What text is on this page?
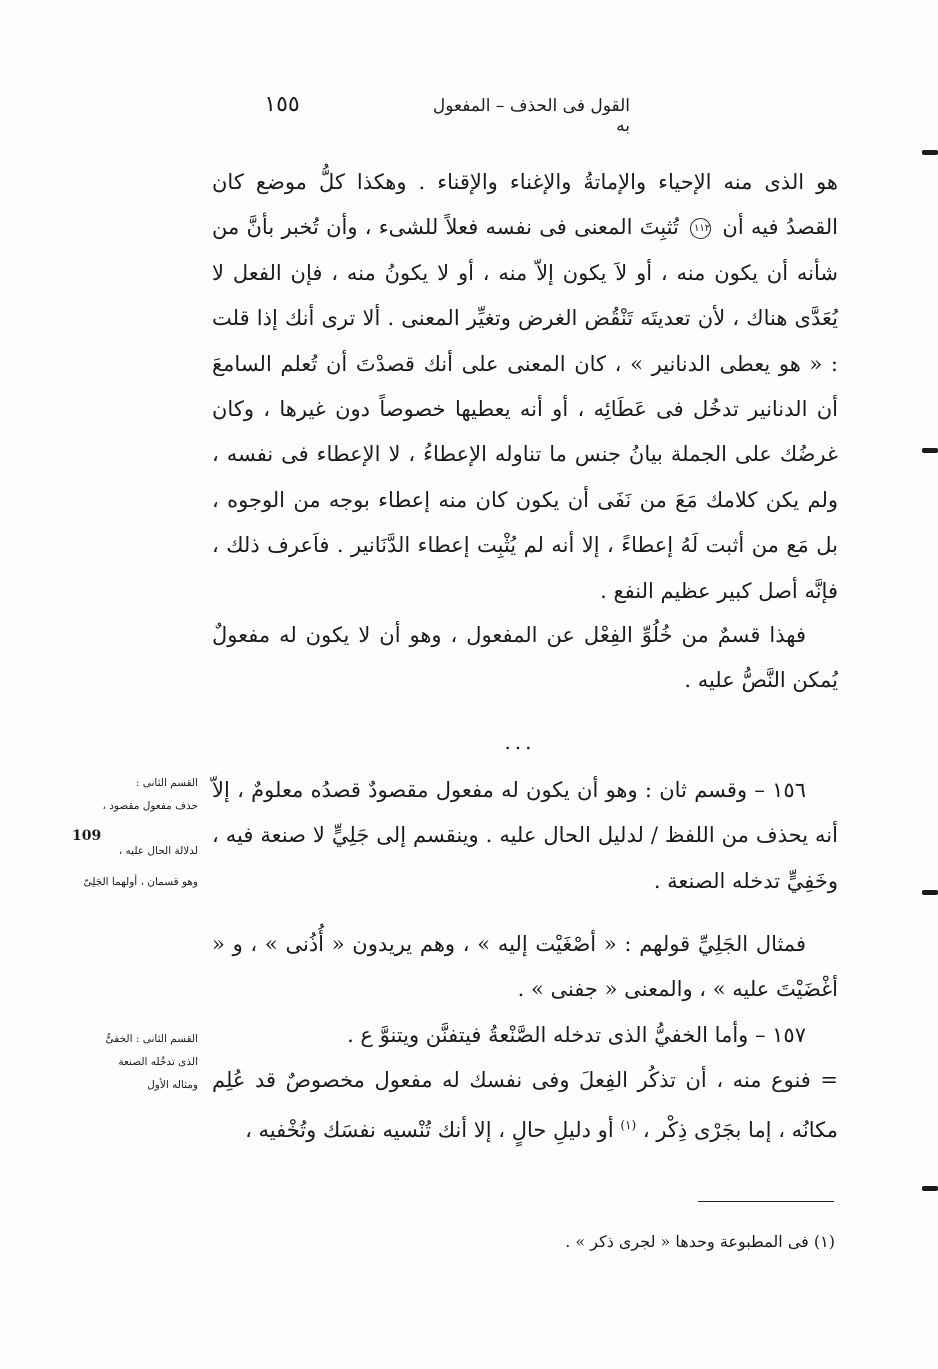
القول فى الحذف – المفعول به
١٥٥

هو الذى منه الإحياء والإماتةُ والإغناء والإقناء . وهكذا كلُّ موضع كان القصدُ فيه أن ١١٢ تُثبِتَ المعنى فى نفسه فعلاً للشىء ، وأن تُخبر بأنَّ من شأنه أن يكون منه ، أو لاَ يكون إلاّ منه ، أو لا يكونُ منه ، فإن الفعل لا يُعَدَّى هناك ، لأن تعديتَه تَنْقُض الغرض وتغيِّر المعنى . ألا ترى أنك إذا قلت : « هو يعطى الدنانير » ، كان المعنى على أنك قصدْتَ أن تُعلم السامعَ أن الدنانير تدخُل فى عَطَائِه ، أو أنه يعطيها خصوصاً دون غيرها ، وكان غرضُك على الجملة بيانُ جنس ما تناوله الإعطاءُ ، لا الإعطاء فى نفسه ، ولم يكن كلامك مَعَ من نَفَى أن يكون كان منه إعطاء بوجه من الوجوه ، بل مَع من أثبت لَهُ إعطاءً ، إلا أنه لم يُثْبِت إعطاء الدَّنَانير . فاَعرف ذلك ، فإنَّه أصل كبير عظيم النفع .

فهذا قسمٌ من خُلُوِّ الفِعْل عن المفعول ، وهو أن لا يكون له مفعولٌ يُمكن النَّصُّ عليه .

...

١٥٦ – وقسم ثان : وهو أن يكون له مفعول مقصودٌ قصدُه معلومٌ ، إلاّ أنه يحذف من اللفظ / لدليل الحال عليه . وينقسم إلى جَلِيٍّ لا صنعة فيه ، وخَفِيٍّ تدخله الصنعة .

فمثال الجَلِيِّ قولهم : « أصْغَيْت إليه » ، وهم يريدون « أُذُنى » ، و « أغْضَيْتَ عليه » ، والمعنى « جفنى » .

١٥٧ – وأما الخفيُّ الذى تدخله الصَّنْعةُ فيتفنَّن ويتنوَّ ع .

= فنوع منه ، أن تذكُر الفِعلَ وفى نفسك له مفعول مخصوصٌ قد عُلِم مكانُه ، إما بجَرْى ذِكْر ، $^{(١)}$ أو دليلِ حالٍ ، إلا أنك تُنْسيه نفسَك وتُخْفيه ،

القسم الثانى :
حذف مفعول مقصود ،
لدلالة الحال عليه ،
وهو قسمان ، أولهما الجَلِىّ
109
القسم الثانى : الخفىُّ
الذى تدخُله الصنعة
ومثاله الأول
(١) فى المطبوعة وحدها « لجرى ذكر » .
